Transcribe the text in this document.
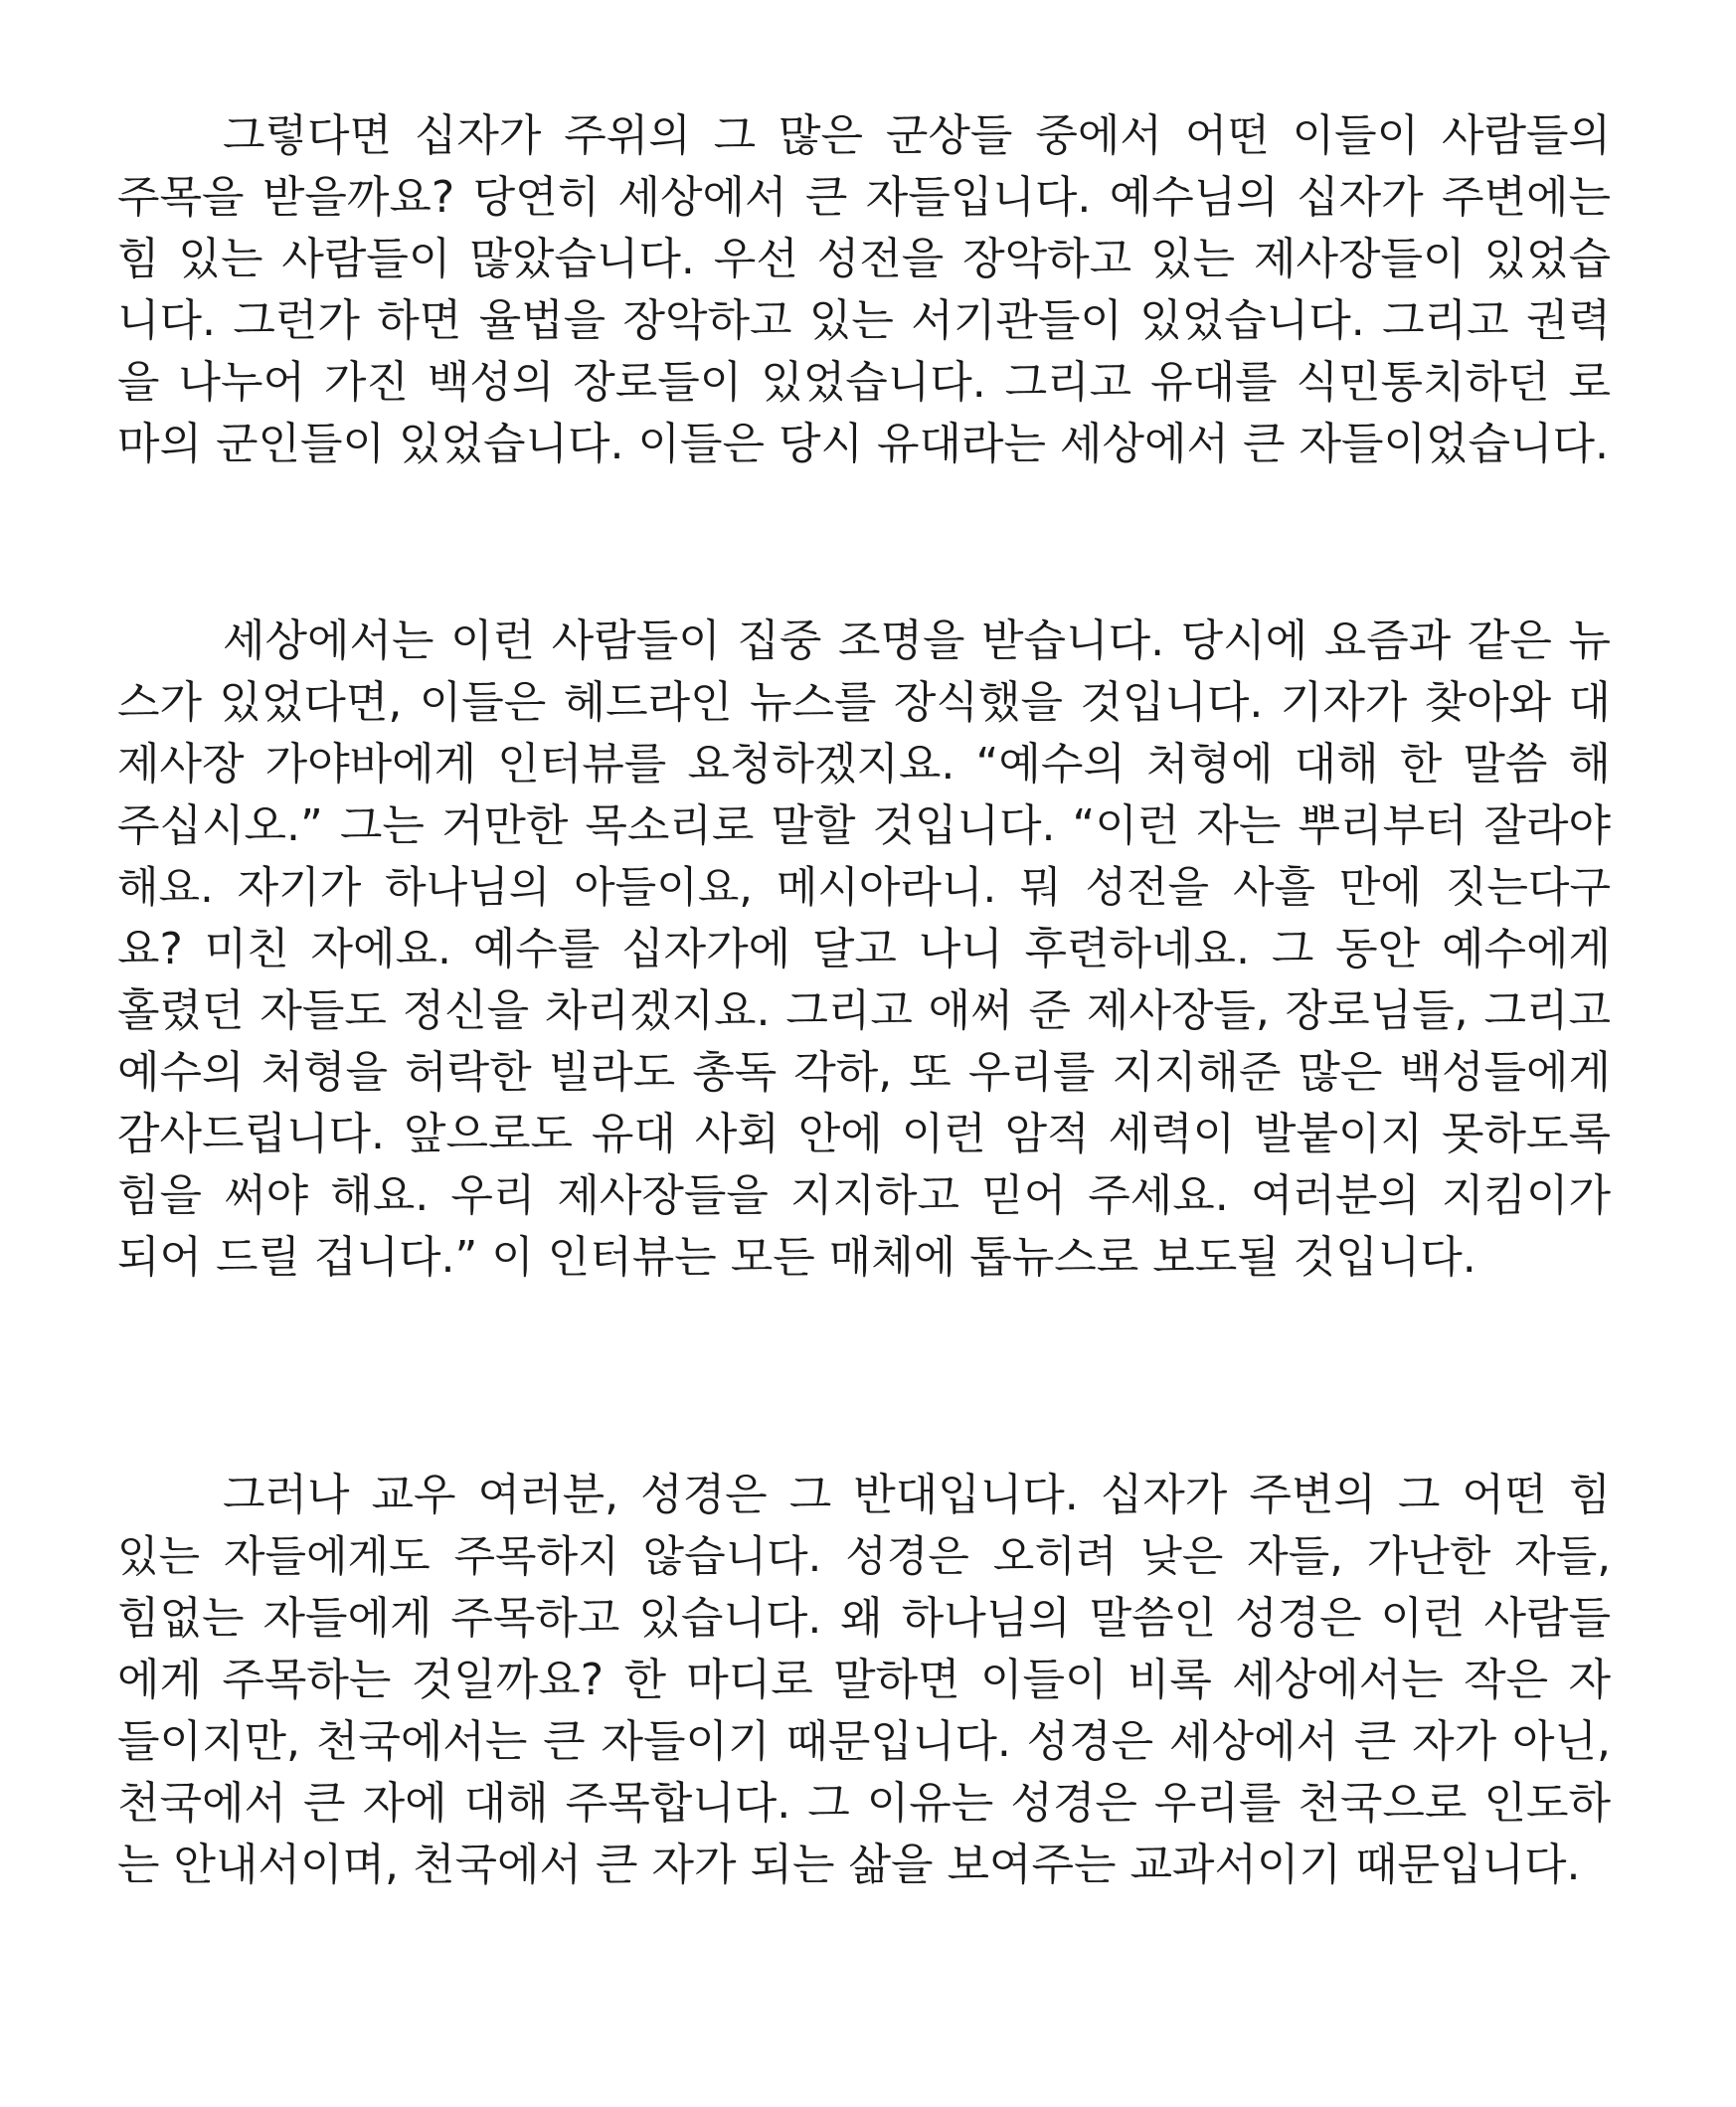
그렇다면 십자가 주위의 그 많은 군상들 중에서 어떤 이들이 사람들의
주목을 받을까요? 당연히 세상에서 큰 자들입니다. 예수님의 십자가 주변에는
힘 있는 사람들이 많았습니다. 우선 성전을 장악하고 있는 제사장들이 있었습
니다. 그런가 하면 율법을 장악하고 있는 서기관들이 있었습니다. 그리고 권력
을 나누어 가진 백성의 장로들이 있었습니다. 그리고 유대를 식민통치하던 로
마의 군인들이 있었습니다. 이들은 당시 유대라는 세상에서 큰 자들이었습니다.
세상에서는 이런 사람들이 집중 조명을 받습니다. 당시에 요즘과 같은 뉴
스가 있었다면, 이들은 헤드라인 뉴스를 장식했을 것입니다. 기자가 찾아와 대
제사장 가야바에게 인터뷰를 요청하겠지요. “예수의 처형에 대해 한 말씀 해
주십시오.” 그는 거만한 목소리로 말할 것입니다. “이런 자는 뿌리부터 잘라야
해요. 자기가 하나님의 아들이요, 메시아라니. 뭐 성전을 사흘 만에 짓는다구
요? 미친 자에요. 예수를 십자가에 달고 나니 후련하네요. 그 동안 예수에게
홀렸던 자들도 정신을 차리겠지요. 그리고 애써 준 제사장들, 장로님들, 그리고
예수의 처형을 허락한 빌라도 총독 각하, 또 우리를 지지해준 많은 백성들에게
감사드립니다. 앞으로도 유대 사회 안에 이런 암적 세력이 발붙이지 못하도록
힘을 써야 해요. 우리 제사장들을 지지하고 믿어 주세요. 여러분의 지킴이가
되어 드릴 겁니다.” 이 인터뷰는 모든 매체에 톱뉴스로 보도될 것입니다.
그러나 교우 여러분, 성경은 그 반대입니다. 십자가 주변의 그 어떤 힘
있는 자들에게도 주목하지 않습니다. 성경은 오히려 낮은 자들, 가난한 자들,
힘없는 자들에게 주목하고 있습니다. 왜 하나님의 말씀인 성경은 이런 사람들
에게 주목하는 것일까요? 한 마디로 말하면 이들이 비록 세상에서는 작은 자
들이지만, 천국에서는 큰 자들이기 때문입니다. 성경은 세상에서 큰 자가 아닌,
천국에서 큰 자에 대해 주목합니다. 그 이유는 성경은 우리를 천국으로 인도하
는 안내서이며, 천국에서 큰 자가 되는 삶을 보여주는 교과서이기 때문입니다.
